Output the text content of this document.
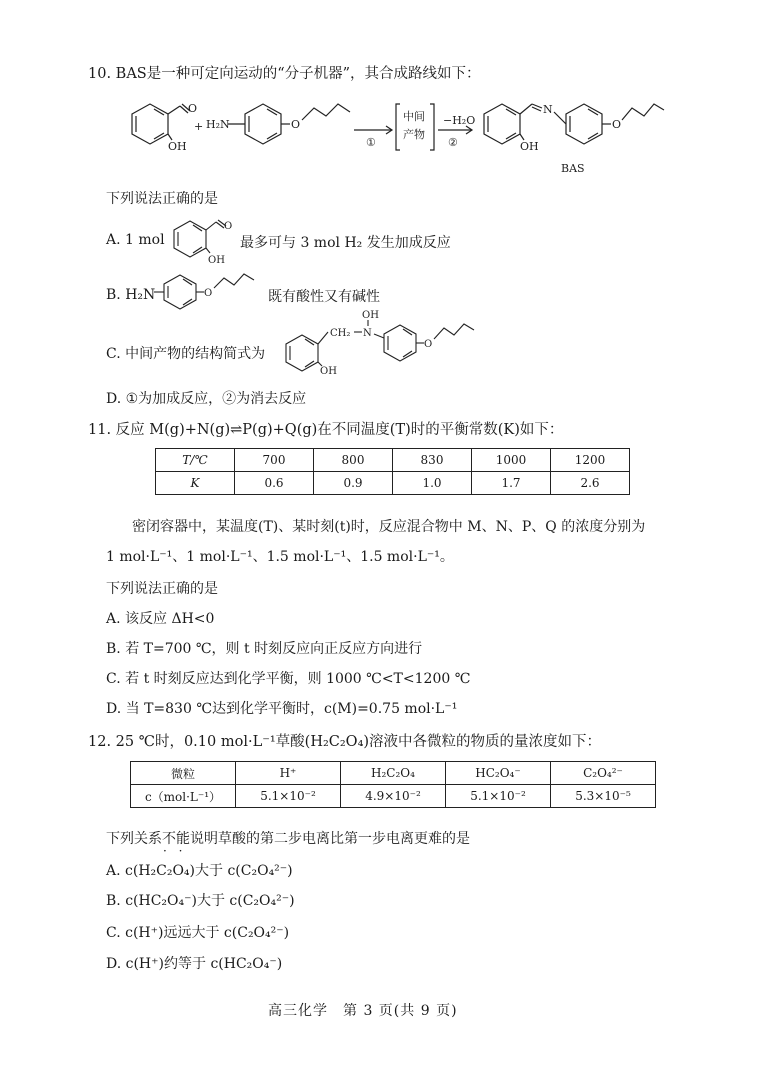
10. BAS是一种可定向运动的“分子机器”，其合成路线如下：
O
OH
+ H₂N	O
①
中间
产物
−H₂O
②
N
OH
O
BAS
下列说法正确的是
A. 1 mol
O
OH
最多可与 3 mol H₂ 发生加成反应
B. H₂N	O	既有酸性又有碱性
C. 中间产物的结构简式为
CH₂ N
OH
O
OH
D. ①为加成反应，②为消去反应
11. 反应 M(g)+N(g)⇌P(g)+Q(g)在不同温度(T)时的平衡常数(K)如下：
T/℃	700	800	830	1000	1200
K	0.6	0.9	1.0	1.7	2.6
密闭容器中，某温度(T)、某时刻(t)时，反应混合物中 M、N、P、Q 的浓度分别为
1 mol·L⁻¹、1 mol·L⁻¹、1.5 mol·L⁻¹、1.5 mol·L⁻¹。
下列说法正确的是
A. 该反应 ΔH<0
B. 若 T=700 ℃，则 t 时刻反应向正反应方向进行
C. 若 t 时刻反应达到化学平衡，则 1000 ℃<T<1200 ℃
D. 当 T=830 ℃达到化学平衡时，c(M)=0.75 mol·L⁻¹
12. 25 ℃时，0.10 mol·L⁻¹草酸(H₂C₂O₄)溶液中各微粒的物质的量浓度如下：
微粒	H⁺	H₂C₂O₄	HC₂O₄⁻	C₂O₄²⁻
c（mol·L⁻¹）	5.1×10⁻²	4.9×10⁻²	5.1×10⁻²	5.3×10⁻⁵
下列关系不能 · ·说明草酸的第二步电离比第一步电离更难的是
A. c(H₂C₂O₄)大于 c(C₂O₄²⁻)
B. c(HC₂O₄⁻)大于 c(C₂O₄²⁻)
C. c(H⁺)远远大于 c(C₂O₄²⁻)
D. c(H⁺)约等于 c(HC₂O₄⁻)
高三化学　第 3 页(共 9 页)
